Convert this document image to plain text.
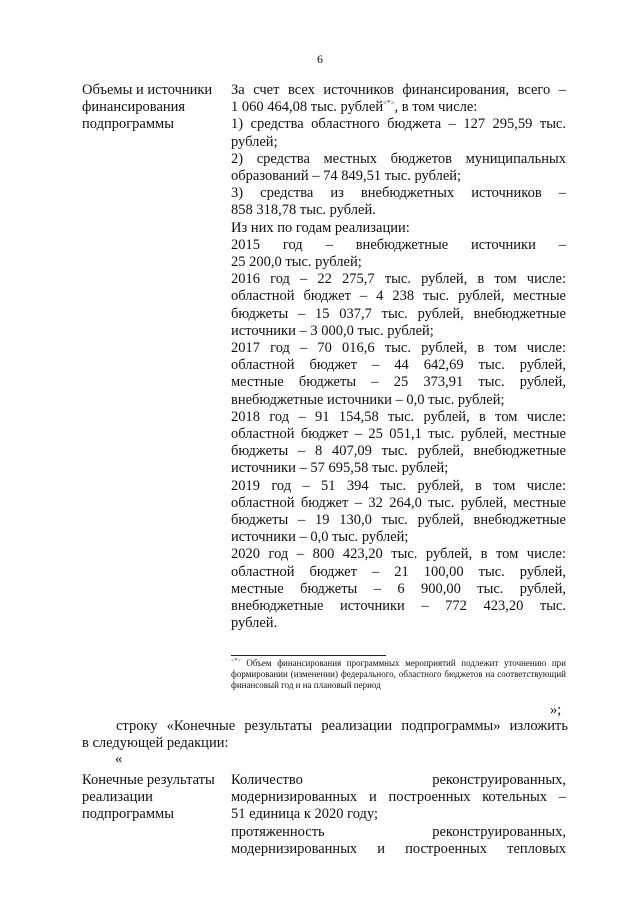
6
Объемы и источники
финансирования
подпрограммы

За счет всех источников финансирования, всего –

1 060 464,08 тыс. рублей<*>, в том числе:

1) средства областного бюджета – 127 295,59 тыс.

рублей;

2) средства местных бюджетов муниципальных

образований – 74 849,51 тыс. рублей;

3) средства из внебюджетных источников –

858 318,78 тыс. рублей.

Из них по годам реализации:

2015 год – внебюджетные источники –

25 200,0 тыс. рублей;

2016 год – 22 275,7 тыс. рублей, в том числе:

областной бюджет – 4 238 тыс. рублей, местные

бюджеты – 15 037,7 тыс. рублей, внебюджетные

источники – 3 000,0 тыс. рублей;

2017 год – 70 016,6 тыс. рублей, в том числе:

областной бюджет – 44 642,69 тыс. рублей,

местные бюджеты – 25 373,91 тыс. рублей,

внебюджетные источники – 0,0 тыс. рублей;

2018 год – 91 154,58 тыс. рублей, в том числе:

областной бюджет – 25 051,1 тыс. рублей, местные

бюджеты – 8 407,09 тыс. рублей, внебюджетные

источники – 57 695,58 тыс. рублей;

2019 год – 51 394 тыс. рублей, в том числе:

областной бюджет – 32 264,0 тыс. рублей, местные

бюджеты – 19 130,0 тыс. рублей, внебюджетные

источники – 0,0 тыс. рублей;

2020 год – 800 423,20 тыс. рублей, в том числе:

областной бюджет – 21 100,00 тыс. рублей,

местные бюджеты – 6 900,00 тыс. рублей,

внебюджетные источники – 772 423,20 тыс.

рублей.

<*> Объем финансирования программных мероприятий подлежит уточнению при формировании (изменении) федерального, областного бюджетов на соответствующий финансовый год и на плановый период
»;
строку «Конечные результаты реализации подпрограммы» изложить
в следующей редакции:
«
Конечные результаты
реализации
подпрограммы

Количество реконструированных,

модернизированных и построенных котельных –

51 единица к 2020 году;

протяженность реконструированных,

модернизированных и построенных тепловых
